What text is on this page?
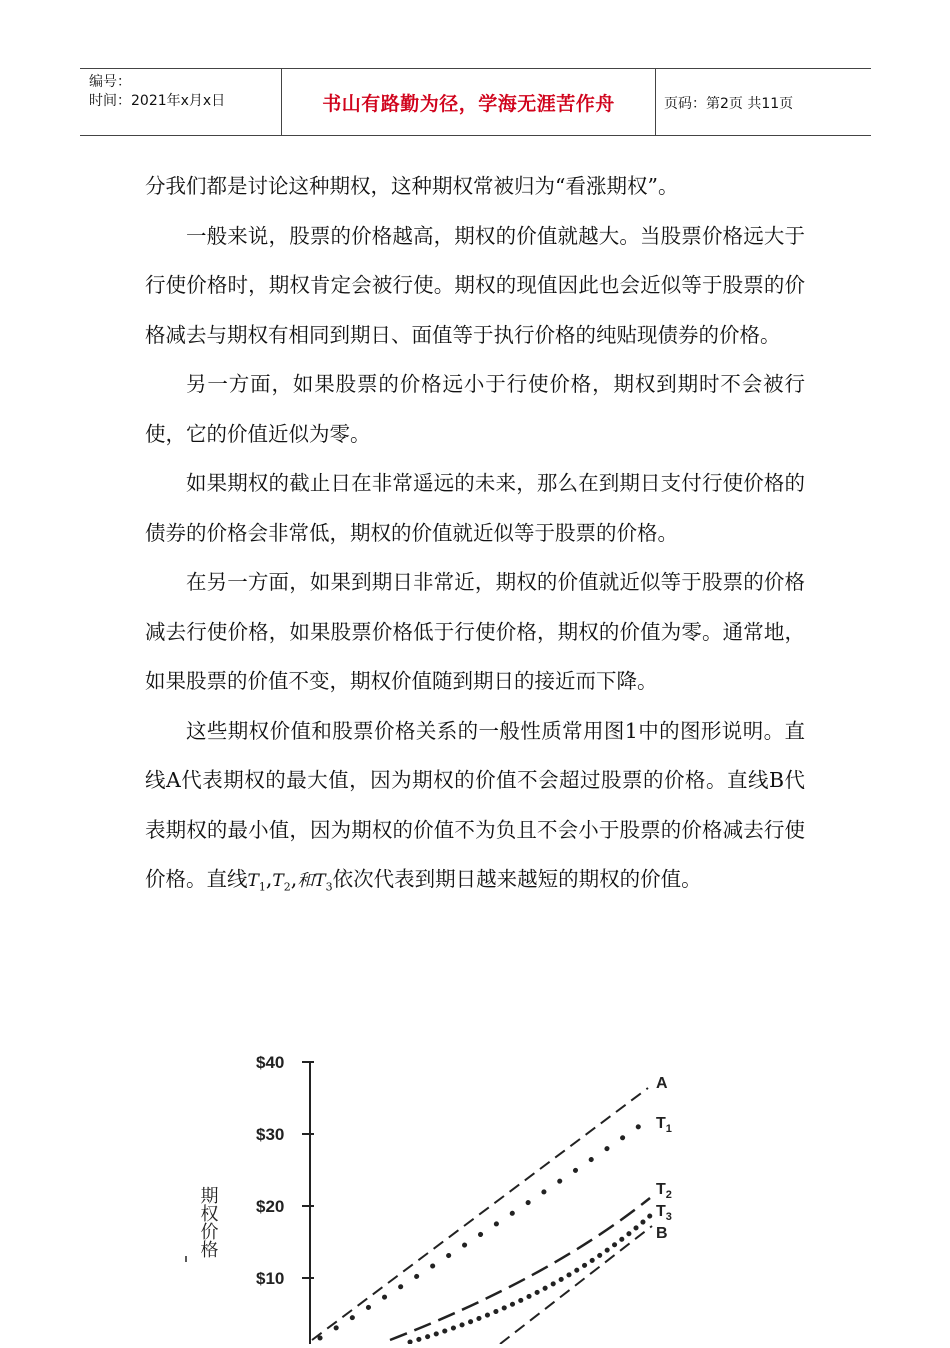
编号：
时间：2021年x月x日	书山有路勤为径，学海无涯苦作舟	页码：第2页 共11页

分我们都是讨论这种期权，这种期权常被归为“看涨期权”。

一般来说，股票的价格越高，期权的价值就越大。当股票价格远大于行使价格时，期权肯定会被行使。期权的现值因此也会近似等于股票的价格减去与期权有相同到期日、面值等于执行价格的纯贴现债券的价格。

另一方面，如果股票的价格远小于行使价格，期权到期时不会被行使，它的价值近似为零。

如果期权的截止日在非常遥远的未来，那么在到期日支付行使价格的债券的价格会非常低，期权的价值就近似等于股票的价格。

在另一方面，如果到期日非常近，期权的价值就近似等于股票的价格减去行使价格，如果股票价格低于行使价格，期权的价值为零。通常地，如果股票的价值不变，期权价值随到期日的接近而下降。

这些期权价值和股票价格关系的一般性质常用图1中的图形说明。直线A代表期权的最大值，因为期权的价值不会超过股票的价格。直线B代表期权的最小值，因为期权的价值不为负且不会小于股票的价格减去行使价格。直线$T_1,T_2$,和$T_3$依次代表到期日越来越短的期权的价值。

$40
$30
$20
$10
期权价格
A
$T_1$
$T_2$
$T_3$
B
